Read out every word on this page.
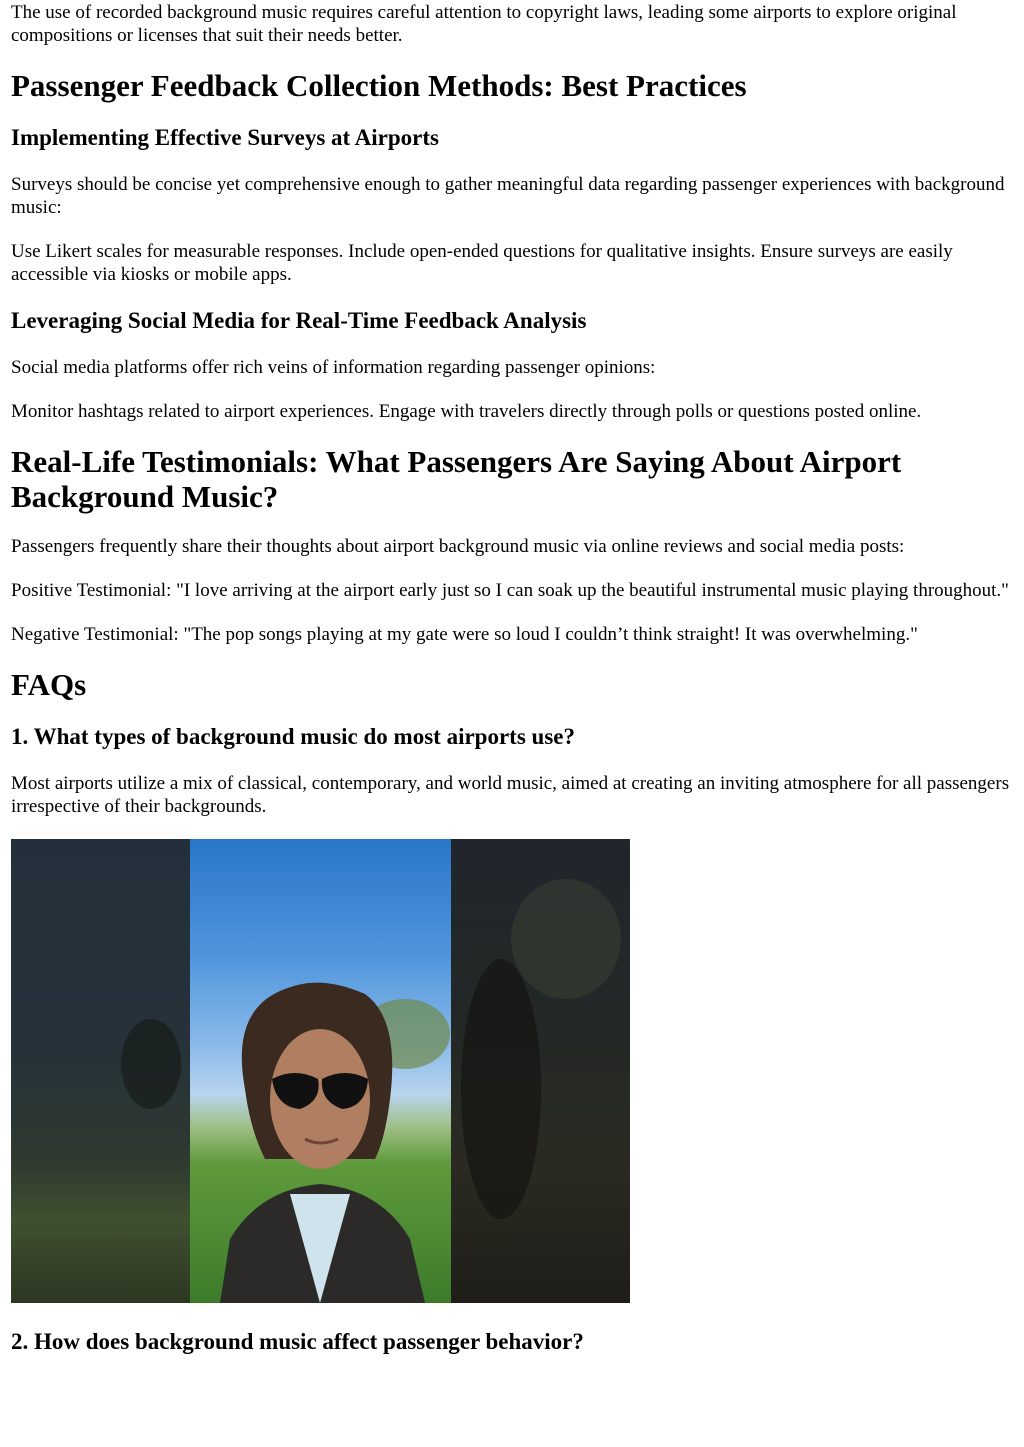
The use of recorded background music requires careful attention to copyright laws, leading some airports to explore original compositions or licenses that suit their needs better.

Passenger Feedback Collection Methods: Best Practices
Implementing Effective Surveys at Airports

Surveys should be concise yet comprehensive enough to gather meaningful data regarding passenger experiences with background music:

Use Likert scales for measurable responses. Include open-ended questions for qualitative insights. Ensure surveys are easily accessible via kiosks or mobile apps.

Leveraging Social Media for Real-Time Feedback Analysis

Social media platforms offer rich veins of information regarding passenger opinions:

Monitor hashtags related to airport experiences. Engage with travelers directly through polls or questions posted online.

Real-Life Testimonials: What Passengers Are Saying About Airport Background Music?

Passengers frequently share their thoughts about airport background music via online reviews and social media posts:

Positive Testimonial: "I love arriving at the airport early just so I can soak up the beautiful instrumental music playing throughout."

Negative Testimonial: "The pop songs playing at my gate were so loud I couldn’t think straight! It was overwhelming."

FAQs
1. What types of background music do most airports use?

Most airports utilize a mix of classical, contemporary, and world music, aimed at creating an inviting atmosphere for all passengers irrespective of their backgrounds.

2. How does background music affect passenger behavior?
